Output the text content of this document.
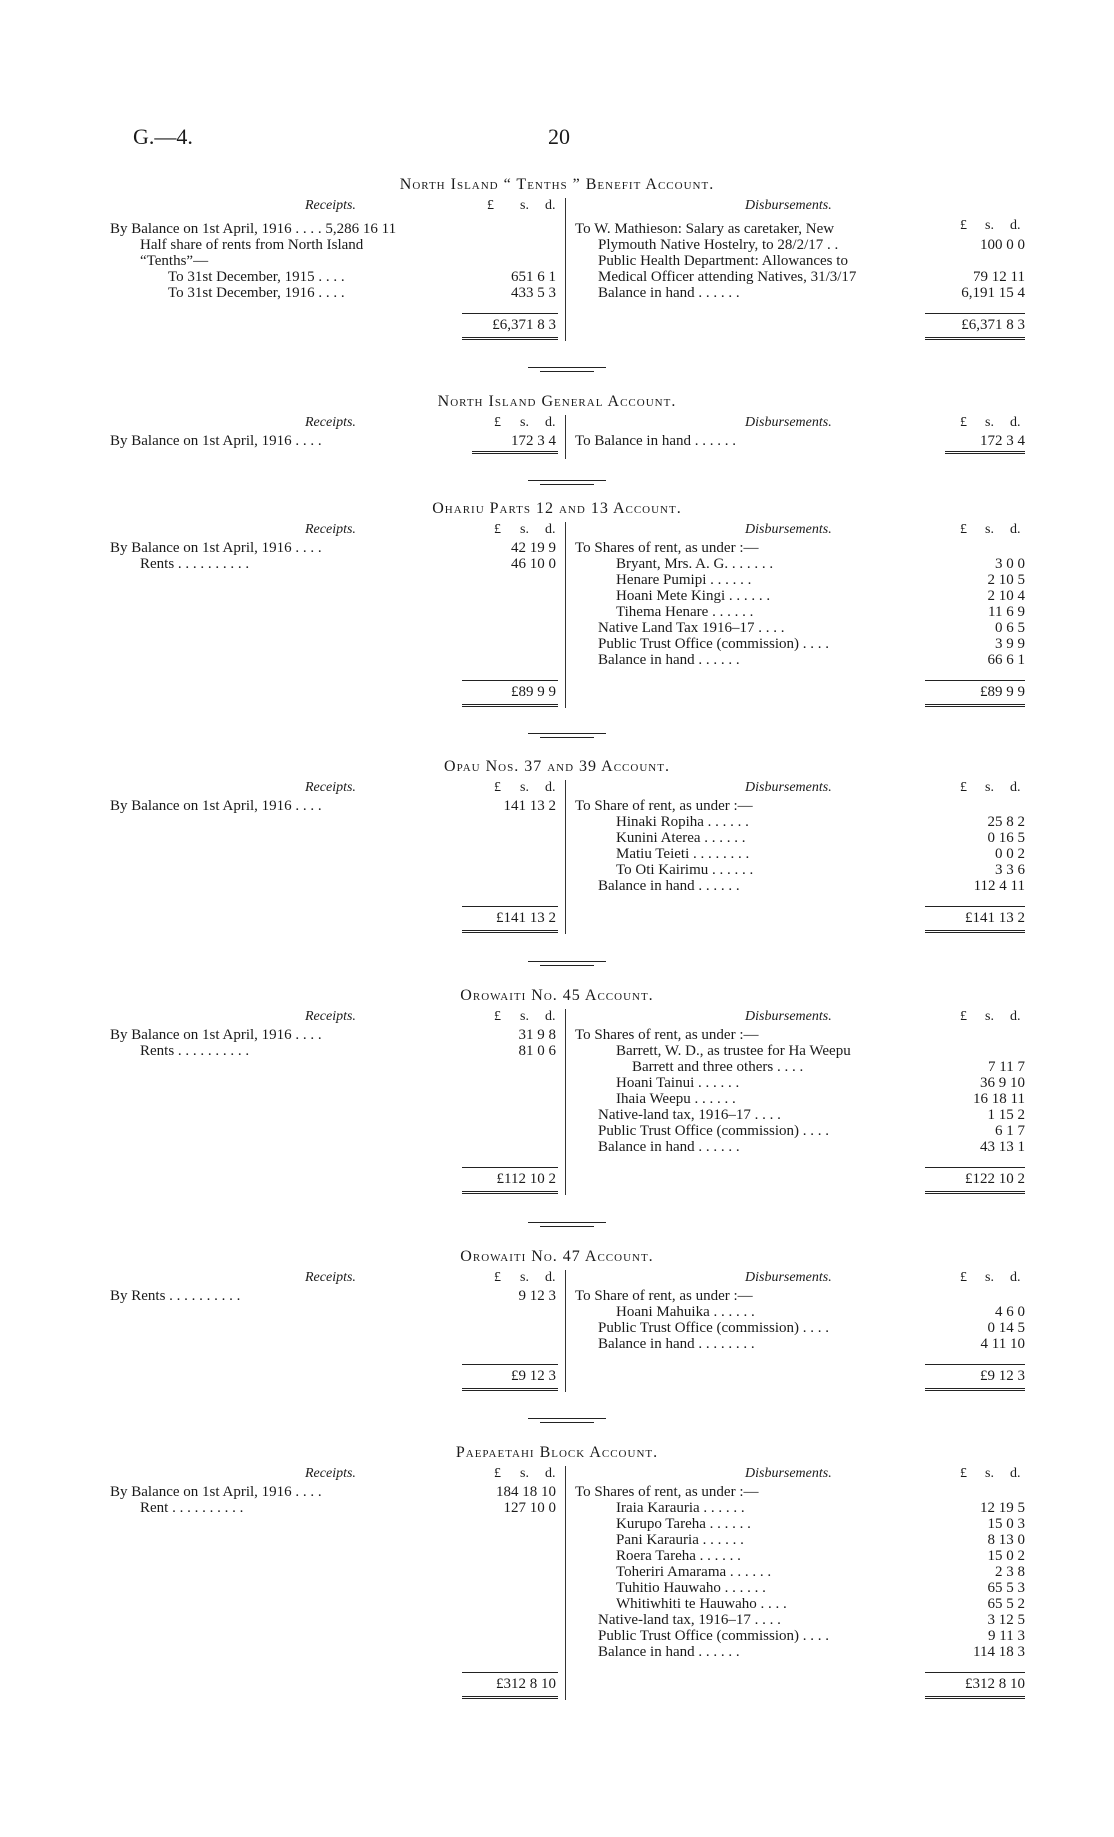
G.—4.	20
North Island “ Tenths ” Benefit Account.
Receipts.	Disbursements.
£
£
s.
s.
d.
d.
By Balance on 1st April, 1916 . . . . 5,286 16 11
Half share of rents from North Island
“Tenths”—
To 31st December, 1915 . . . .	651 6 1
To 31st December, 1916 . . . .	433 5 3
To W. Mathieson: Salary as caretaker, New
Plymouth Native Hostelry, to 28/2/17 . .	100 0 0
Public Health Department: Allowances to
Medical Officer attending Natives, 31/3/17	79 12 11
Balance in hand . . . . . .	6,191 15 4
£6,371 8 3	£6,371 8 3
North Island General Account.
Receipts.	Disbursements.
£	£
s.	s.
d.	d.
By Balance on 1st April, 1916 . . . .	172 3 4 To Balance in hand . . . . . .	172 3 4
Ohariu Parts 12 and 13 Account.
Receipts.	Disbursements.
£	£
s.	s.
d.	d.
By Balance on 1st April, 1916 . . . .	42 19 9
Rents . . . . . . . . . .	46 10 0
To Shares of rent, as under :—
Bryant, Mrs. A. G. . . . . . .	3 0 0
Henare Pumipi . . . . . .	2 10 5
Hoani Mete Kingi . . . . . .	2 10 4
Tihema Henare . . . . . .	11 6 9
Native Land Tax 1916–17 . . . .	0 6 5
Public Trust Office (commission) . . . .	3 9 9
Balance in hand . . . . . .	66 6 1
£89 9 9	£89 9 9
Opau Nos. 37 and 39 Account.
Receipts.	Disbursements.
£	£
s.	s.
d.	d.
By Balance on 1st April, 1916 . . . .	141 13 2 To Share of rent, as under :—
Hinaki Ropiha . . . . . .	25 8 2
Kunini Aterea . . . . . .	0 16 5
Matiu Teieti . . . . . . . .	0 0 2
To Oti Kairimu . . . . . .	3 3 6
Balance in hand . . . . . .	112 4 11
£141 13 2	£141 13 2
Orowaiti No. 45 Account.
Receipts.	Disbursements.
£	£
s.	s.
d.	d.
By Balance on 1st April, 1916 . . . .	31 9 8
Rents . . . . . . . . . .	81 0 6
To Shares of rent, as under :—
Barrett, W. D., as trustee for Ha Weepu
Barrett and three others . . . .	7 11 7
Hoani Tainui . . . . . .	36 9 10
Ihaia Weepu . . . . . .	16 18 11
Native-land tax, 1916–17 . . . .	1 15 2
Public Trust Office (commission) . . . .	6 1 7
Balance in hand . . . . . .	43 13 1
£112 10 2	£122 10 2
Orowaiti No. 47 Account.
Receipts.	Disbursements.
£	£
s.	s.
d.	d.
By Rents . . . . . . . . . .	9 12 3 To Share of rent, as under :—
Hoani Mahuika . . . . . .	4 6 0
Public Trust Office (commission) . . . .	0 14 5
Balance in hand . . . . . . . .	4 11 10
£9 12 3	£9 12 3
Paepaetahi Block Account.
Receipts.	Disbursements.
£	£
s.	s.
d.	d.
By Balance on 1st April, 1916 . . . .	184 18 10
Rent . . . . . . . . . .	127 10 0
To Shares of rent, as under :—
Iraia Karauria . . . . . .	12 19 5
Kurupo Tareha . . . . . .	15 0 3
Pani Karauria . . . . . .	8 13 0
Roera Tareha . . . . . .	15 0 2
Toheriri Amarama . . . . . .	2 3 8
Tuhitio Hauwaho . . . . . .	65 5 3
Whitiwhiti te Hauwaho . . . .	65 5 2
Native-land tax, 1916–17 . . . .	3 12 5
Public Trust Office (commission) . . . .	9 11 3
Balance in hand . . . . . .	114 18 3
£312 8 10	£312 8 10
